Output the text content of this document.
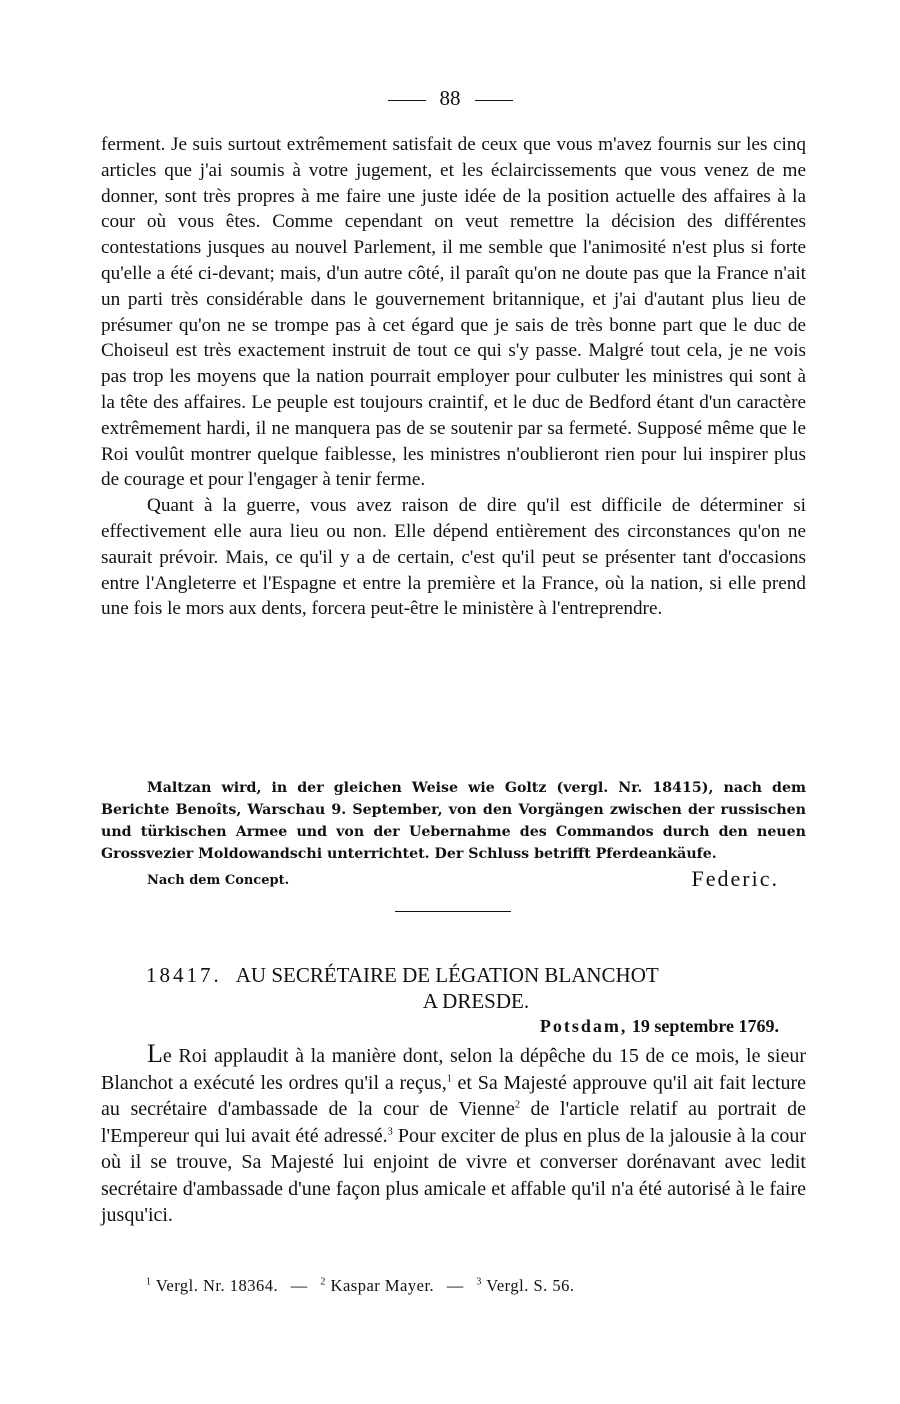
88

ferment. Je suis surtout extrêmement satisfait de ceux que vous m'avez fournis sur les cinq articles que j'ai soumis à votre jugement, et les éclaircissements que vous venez de me donner, sont très propres à me faire une juste idée de la position actuelle des affaires à la cour où vous êtes. Comme cependant on veut remettre la décision des différentes contestations jusques au nouvel Parlement, il me semble que l'animosité n'est plus si forte qu'elle a été ci-devant; mais, d'un autre côté, il paraît qu'on ne doute pas que la France n'ait un parti très considérable dans le gouvernement britannique, et j'ai d'autant plus lieu de présumer qu'on ne se trompe pas à cet égard que je sais de très bonne part que le duc de Choiseul est très exactement instruit de tout ce qui s'y passe. Malgré tout cela, je ne vois pas trop les moyens que la nation pourrait employer pour culbuter les ministres qui sont à la tête des affaires. Le peuple est toujours craintif, et le duc de Bedford étant d'un caractère extrêmement hardi, il ne manquera pas de se soutenir par sa fermeté. Supposé même que le Roi voulût montrer quelque faiblesse, les ministres n'oublieront rien pour lui inspirer plus de courage et pour l'engager à tenir ferme.

Quant à la guerre, vous avez raison de dire qu'il est difficile de déterminer si effectivement elle aura lieu ou non. Elle dépend entièrement des circonstances qu'on ne saurait prévoir. Mais, ce qu'il y a de certain, c'est qu'il peut se présenter tant d'occasions entre l'Angleterre et l'Espagne et entre la première et la France, où la nation, si elle prend une fois le mors aux dents, forcera peut-être le ministère à l'entreprendre.

Maltzan wird, in der gleichen Weise wie Goltz (vergl. Nr. 18415), nach dem Berichte Benoîts, Warschau 9. September, von den Vorgängen zwischen der russischen und türkischen Armee und von der Uebernahme des Commandos durch den neuen Grossvezier Moldowandschi unterrichtet. Der Schluss betrifft Pferdeankäufe.
Nach dem Concept.	Federic.
18417. AU SECRÉTAIRE DE LÉGATION BLANCHOT
A DRESDE.
Potsdam, 19 septembre 1769.

Le Roi applaudit à la manière dont, selon la dépêche du 15 de ce mois, le sieur Blanchot a exécuté les ordres qu'il a reçus,$^1$ et Sa Majesté approuve qu'il ait fait lecture au secrétaire d'ambassade de la cour de Vienne$^2$ de l'article relatif au portrait de l'Empereur qui lui avait été adressé.$^3$ Pour exciter de plus en plus de la jalousie à la cour où il se trouve, Sa Majesté lui enjoint de vivre et converser dorénavant avec ledit secrétaire d'ambassade d'une façon plus amicale et affable qu'il n'a été autorisé à le faire jusqu'ici.

$^1$ Vergl. Nr. 18364. — $^2$ Kaspar Mayer. — $^3$ Vergl. S. 56.
